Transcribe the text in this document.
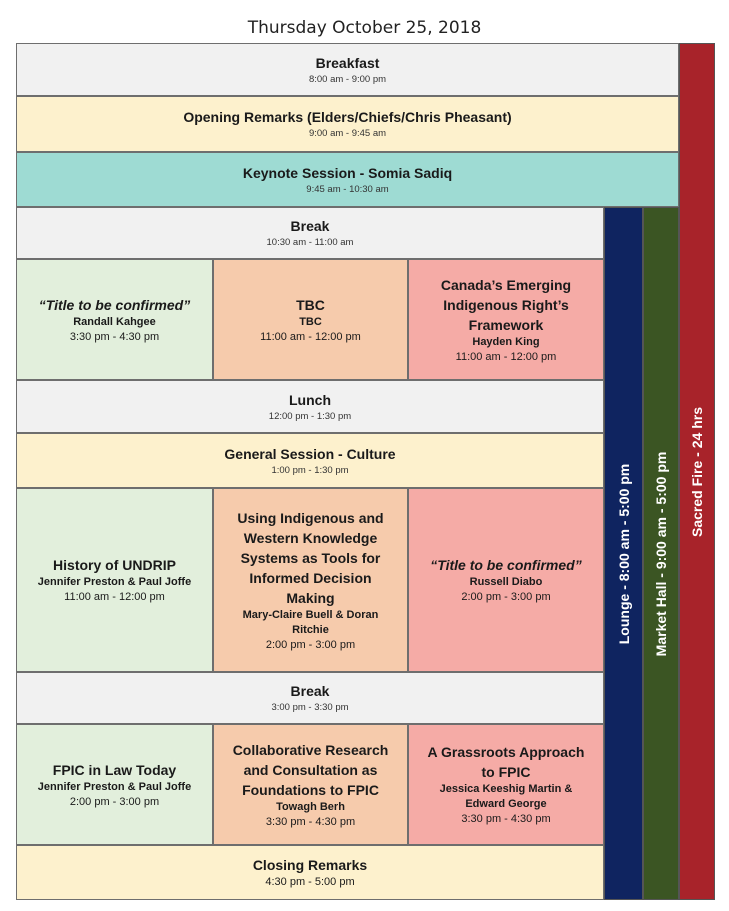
Thursday October 25, 2018
Breakfast
8:00 am - 9:00 pm
Opening Remarks (Elders/Chiefs/Chris Pheasant)
9:00 am - 9:45 am
Keynote Session - Somia Sadiq
9:45 am - 10:30 am
Break
10:30 am - 11:00 am
“Title to be confirmed”
Randall Kahgee
3:30 pm - 4:30 pm
TBC
TBC
11:00 am - 12:00 pm
Canada’s Emerging Indigenous Right’s Framework
Hayden King
11:00 am - 12:00 pm
Lunch
12:00 pm - 1:30 pm
General Session - Culture
1:00 pm - 1:30 pm
History of UNDRIP
Jennifer Preston & Paul Joffe
11:00 am - 12:00 pm
Using Indigenous and Western Knowledge Systems as Tools for Informed Decision Making
Mary-Claire Buell & Doran Ritchie
2:00 pm - 3:00 pm
“Title to be confirmed”
Russell Diabo
2:00 pm - 3:00 pm
Break
3:00 pm - 3:30 pm
FPIC in Law Today
Jennifer Preston & Paul Joffe
2:00 pm - 3:00 pm
Collaborative Research and Consultation as Foundations to FPIC
Towagh Berh
3:30 pm - 4:30 pm
A Grassroots Approach to FPIC
Jessica Keeshig Martin & Edward George
3:30 pm - 4:30 pm
Closing Remarks
4:30 pm - 5:00 pm
Lounge - 8:00 am - 5:00 pm Market Hall - 9:00 am - 5:00 pm Sacred Fire - 24 hrs
